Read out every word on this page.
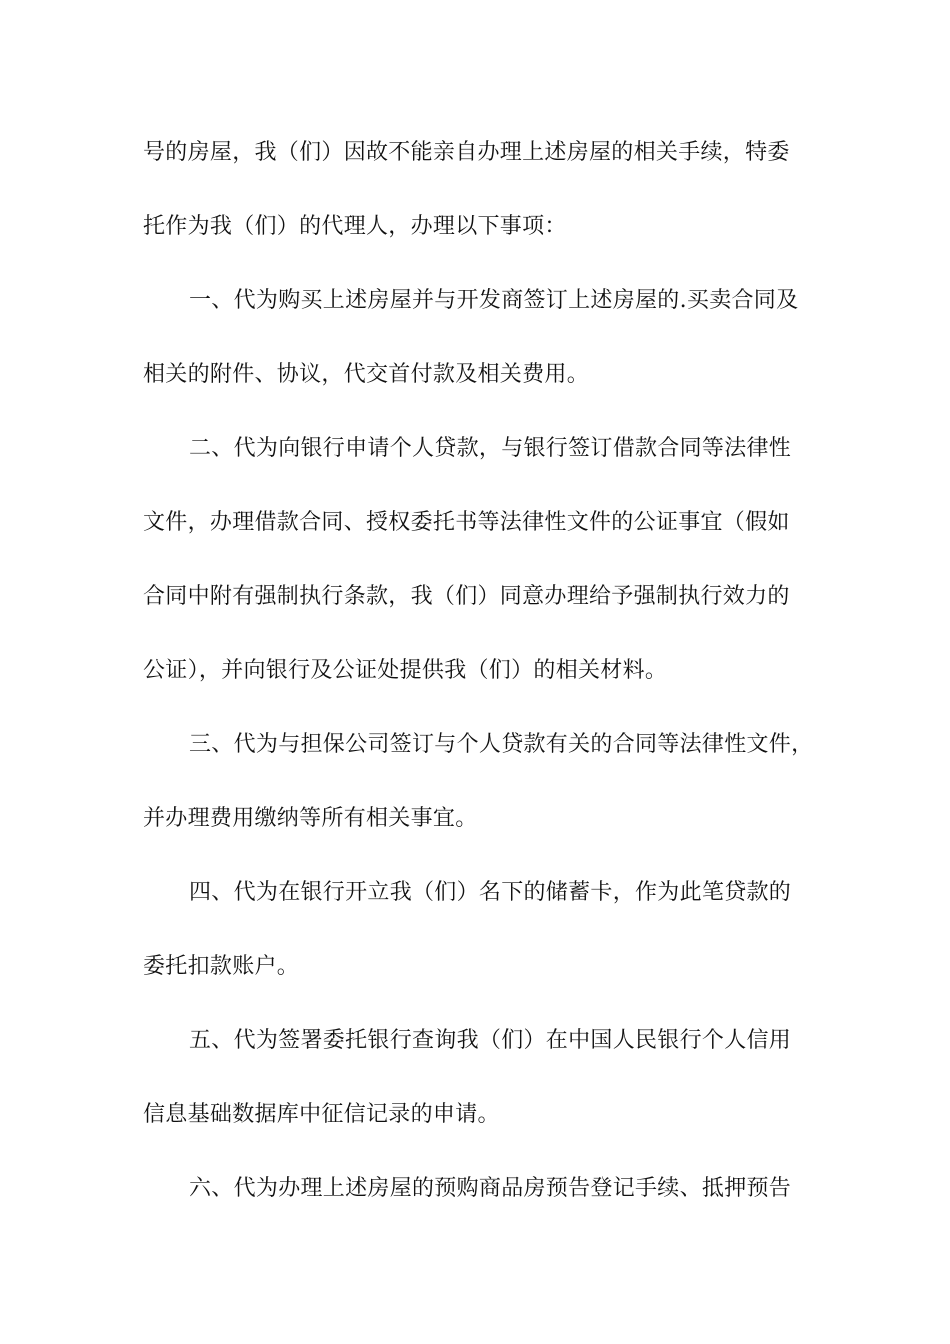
号的房屋，我（们）因故不能亲自办理上述房屋的相关手续，特委
托作为我（们）的代理人，办理以下事项：
一、代为购买上述房屋并与开发商签订上述房屋的.买卖合同及
相关的附件、协议，代交首付款及相关费用。
二、代为向银行申请个人贷款，与银行签订借款合同等法律性
文件，办理借款合同、授权委托书等法律性文件的公证事宜（假如
合同中附有强制执行条款，我（们）同意办理给予强制执行效力的
公证），并向银行及公证处提供我（们）的相关材料。
三、代为与担保公司签订与个人贷款有关的合同等法律性文件，
并办理费用缴纳等所有相关事宜。
四、代为在银行开立我（们）名下的储蓄卡，作为此笔贷款的
委托扣款账户。
五、代为签署委托银行查询我（们）在中国人民银行个人信用
信息基础数据库中征信记录的申请。
六、代为办理上述房屋的预购商品房预告登记手续、抵押预告
